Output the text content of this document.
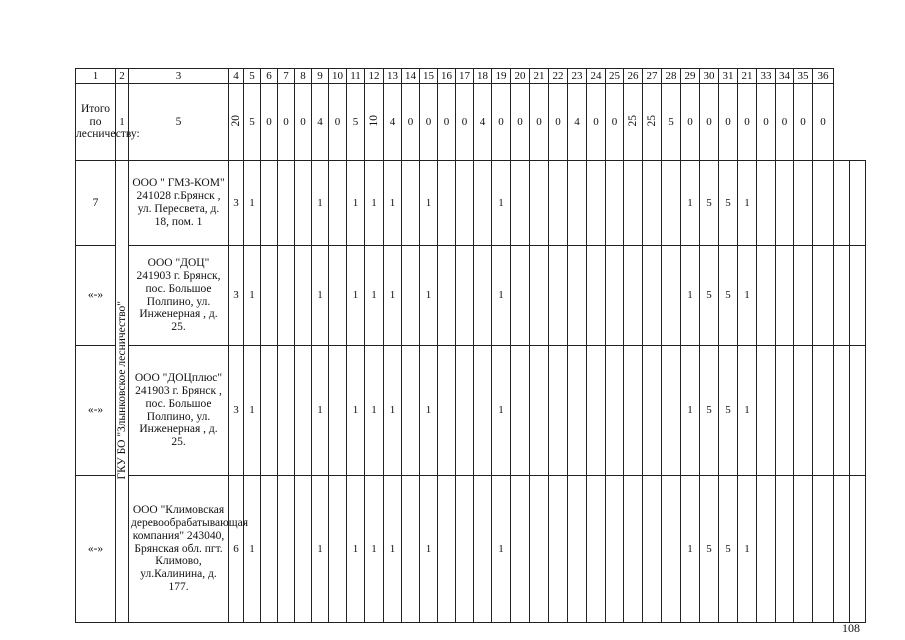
1	2	3	4	5	6	7	8	9	10	11	12	13	14	15	16	17	18	19	20	21	22	23	24	25	26	27	28	29	30	31	21	33	34	35	36		
Итого по лесничеству:	1	5	20	5	0	0	0	4	0	5	10	4	0	0	0	0	4	0	0	0	0	4	0	0	25	25	5	0	0	0	0	0	0	0	0		
7	ГКУ БО "Злынковское лесничество"	ООО " ГМЗ-КОМ" 241028 г.Брянск , ул. Пересвета, д. 18, пом. 1	3	1				1		1	1	1		1				1										1	5	5	1						
«-»		ООО "ДОЦ" 241903 г. Брянск, пос. Большое Полпино, ул. Инженерная , д. 25.	3	1				1		1	1	1		1				1										1	5	5	1						
«-»		ООО "ДОЦплюс" 241903 г. Брянск , пос. Большое Полпино, ул. Инженерная , д. 25.	3	1				1		1	1	1		1				1										1	5	5	1						
«-»		ООО "Климовская деревообрабатывающая компания" 243040, Брянская обл. пгт. Климово, ул.Калинина, д. 177.	6	1				1		1	1	1		1				1										1	5	5	1						
108
